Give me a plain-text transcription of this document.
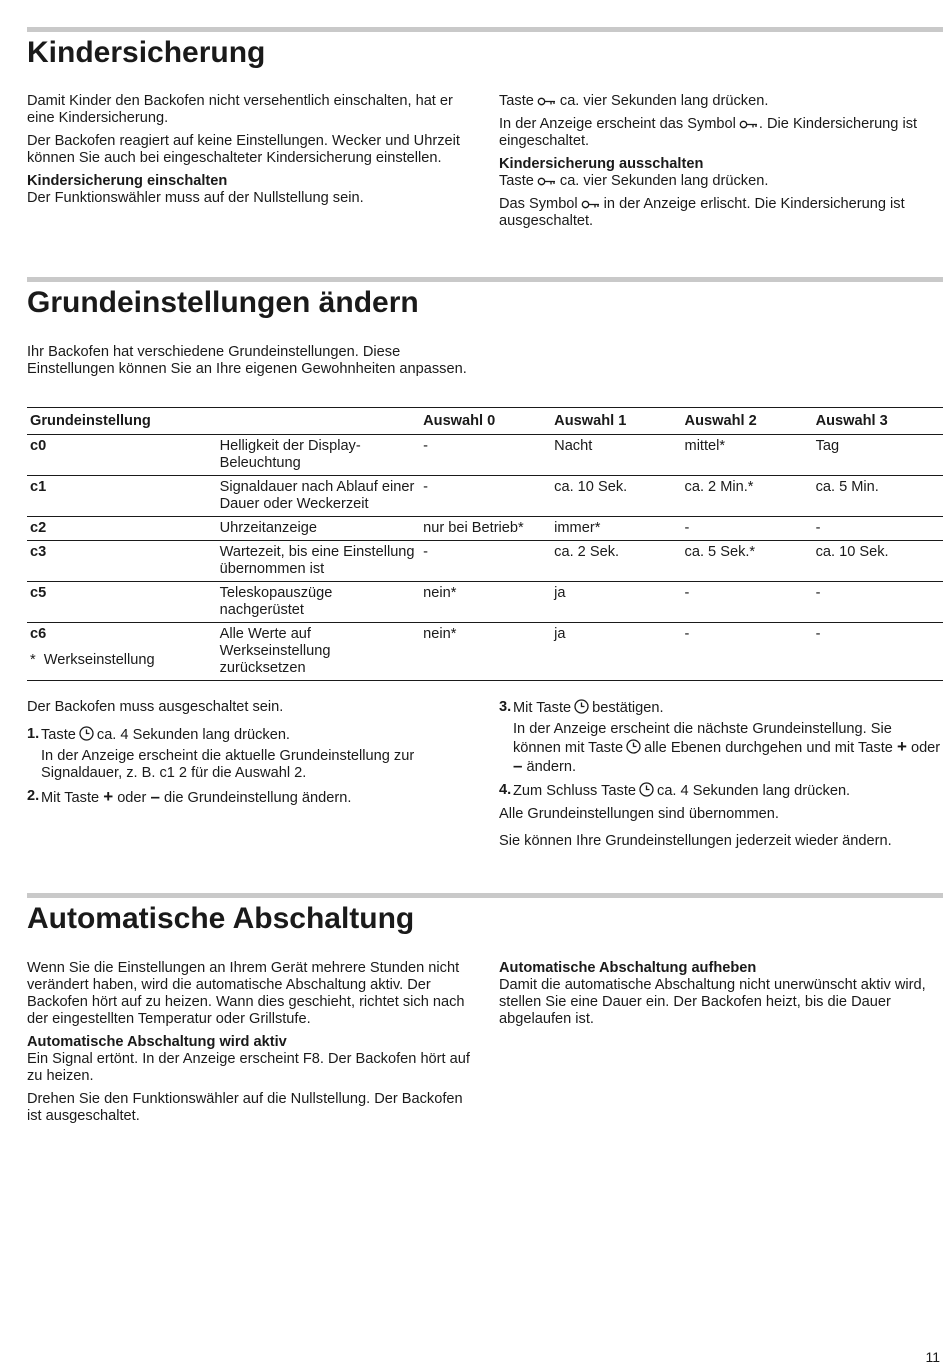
Kindersicherung

Damit Kinder den Backofen nicht versehentlich einschalten, hat er eine Kindersicherung.

Der Backofen reagiert auf keine Einstellungen. Wecker und Uhrzeit können Sie auch bei eingeschalteter Kindersicherung einstellen.

Kindersicherung einschalten

Der Funktionswähler muss auf der Nullstellung sein.

Taste ca. vier Sekunden lang drücken.

In der Anzeige erscheint das Symbol . Die Kindersicherung ist eingeschaltet.

Kindersicherung ausschalten

Taste ca. vier Sekunden lang drücken.

Das Symbol in der Anzeige erlischt. Die Kindersicherung ist ausgeschaltet.

Grundeinstellungen ändern

Ihr Backofen hat verschiedene Grundeinstellungen. Diese Einstellungen können Sie an Ihre eigenen Gewohnheiten anpassen.

Grundeinstellung		Auswahl 0	Auswahl 1	Auswahl 2	Auswahl 3
c0	Helligkeit der Display-Beleuchtung	-	Nacht	mittel*	Tag
c1	Signaldauer nach Ablauf einer Dauer oder Weckerzeit	-	ca. 10 Sek.	ca. 2 Min.*	ca. 5 Min.
c2	Uhrzeitanzeige	nur bei Betrieb*	immer*	-	-
c3	Wartezeit, bis eine Einstellung übernommen ist	-	ca. 2 Sek.	ca. 5 Sek.*	ca. 10 Sek.
c5	Teleskopauszüge nachgerüstet	nein*	ja	-	-
c6	Alle Werte auf Werkseinstellung zurücksetzen	nein*	ja	-	-
*  Werkseinstellung

Der Backofen muss ausgeschaltet sein.

1. Taste ca. 4 Sekunden lang drücken.
In der Anzeige erscheint die aktuelle Grundeinstellung zur Signaldauer, z. B. c1 2 für die Auswahl 2.
2. Mit Taste + oder – die Grundeinstellung ändern.
3. Mit Taste bestätigen.
In der Anzeige erscheint die nächste Grundeinstellung. Sie können mit Taste alle Ebenen durchgehen und mit Taste + oder – ändern.
4. Zum Schluss Taste ca. 4 Sekunden lang drücken.

Alle Grundeinstellungen sind übernommen.

Sie können Ihre Grundeinstellungen jederzeit wieder ändern.

Automatische Abschaltung

Wenn Sie die Einstellungen an Ihrem Gerät mehrere Stunden nicht verändert haben, wird die automatische Abschaltung aktiv. Der Backofen hört auf zu heizen. Wann dies geschieht, richtet sich nach der eingestellten Temperatur oder Grillstufe.

Automatische Abschaltung wird aktiv

Ein Signal ertönt. In der Anzeige erscheint F8. Der Backofen hört auf zu heizen.

Drehen Sie den Funktionswähler auf die Nullstellung. Der Backofen ist ausgeschaltet.

Automatische Abschaltung aufheben

Damit die automatische Abschaltung nicht unerwünscht aktiv wird, stellen Sie eine Dauer ein. Der Backofen heizt, bis die Dauer abgelaufen ist.

11
